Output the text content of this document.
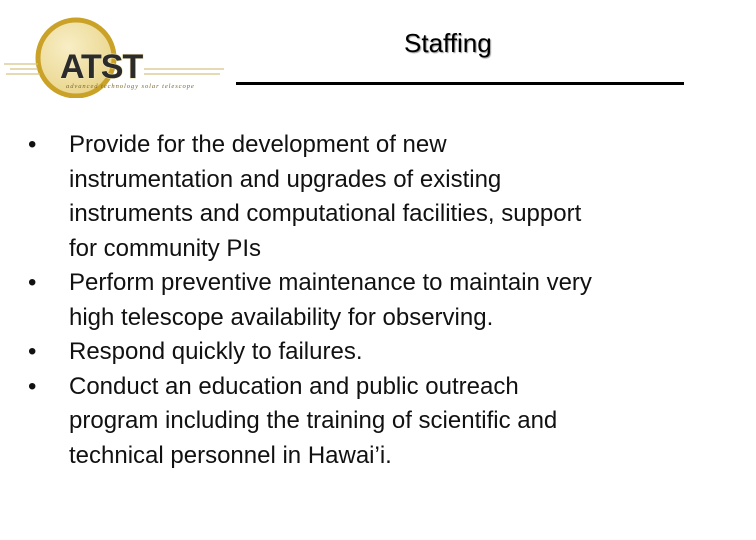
ATST
advanced technology solar telescope
Staffing
•	Provide for the development of new
instrumentation and upgrades of existing
instruments and computational facilities, support
for community PIs
•	Perform preventive maintenance to maintain very
high telescope availability for observing.
•	Respond quickly to failures.
•	Conduct an education and public outreach
program including the training of scientific and
technical personnel in Hawai’i.
